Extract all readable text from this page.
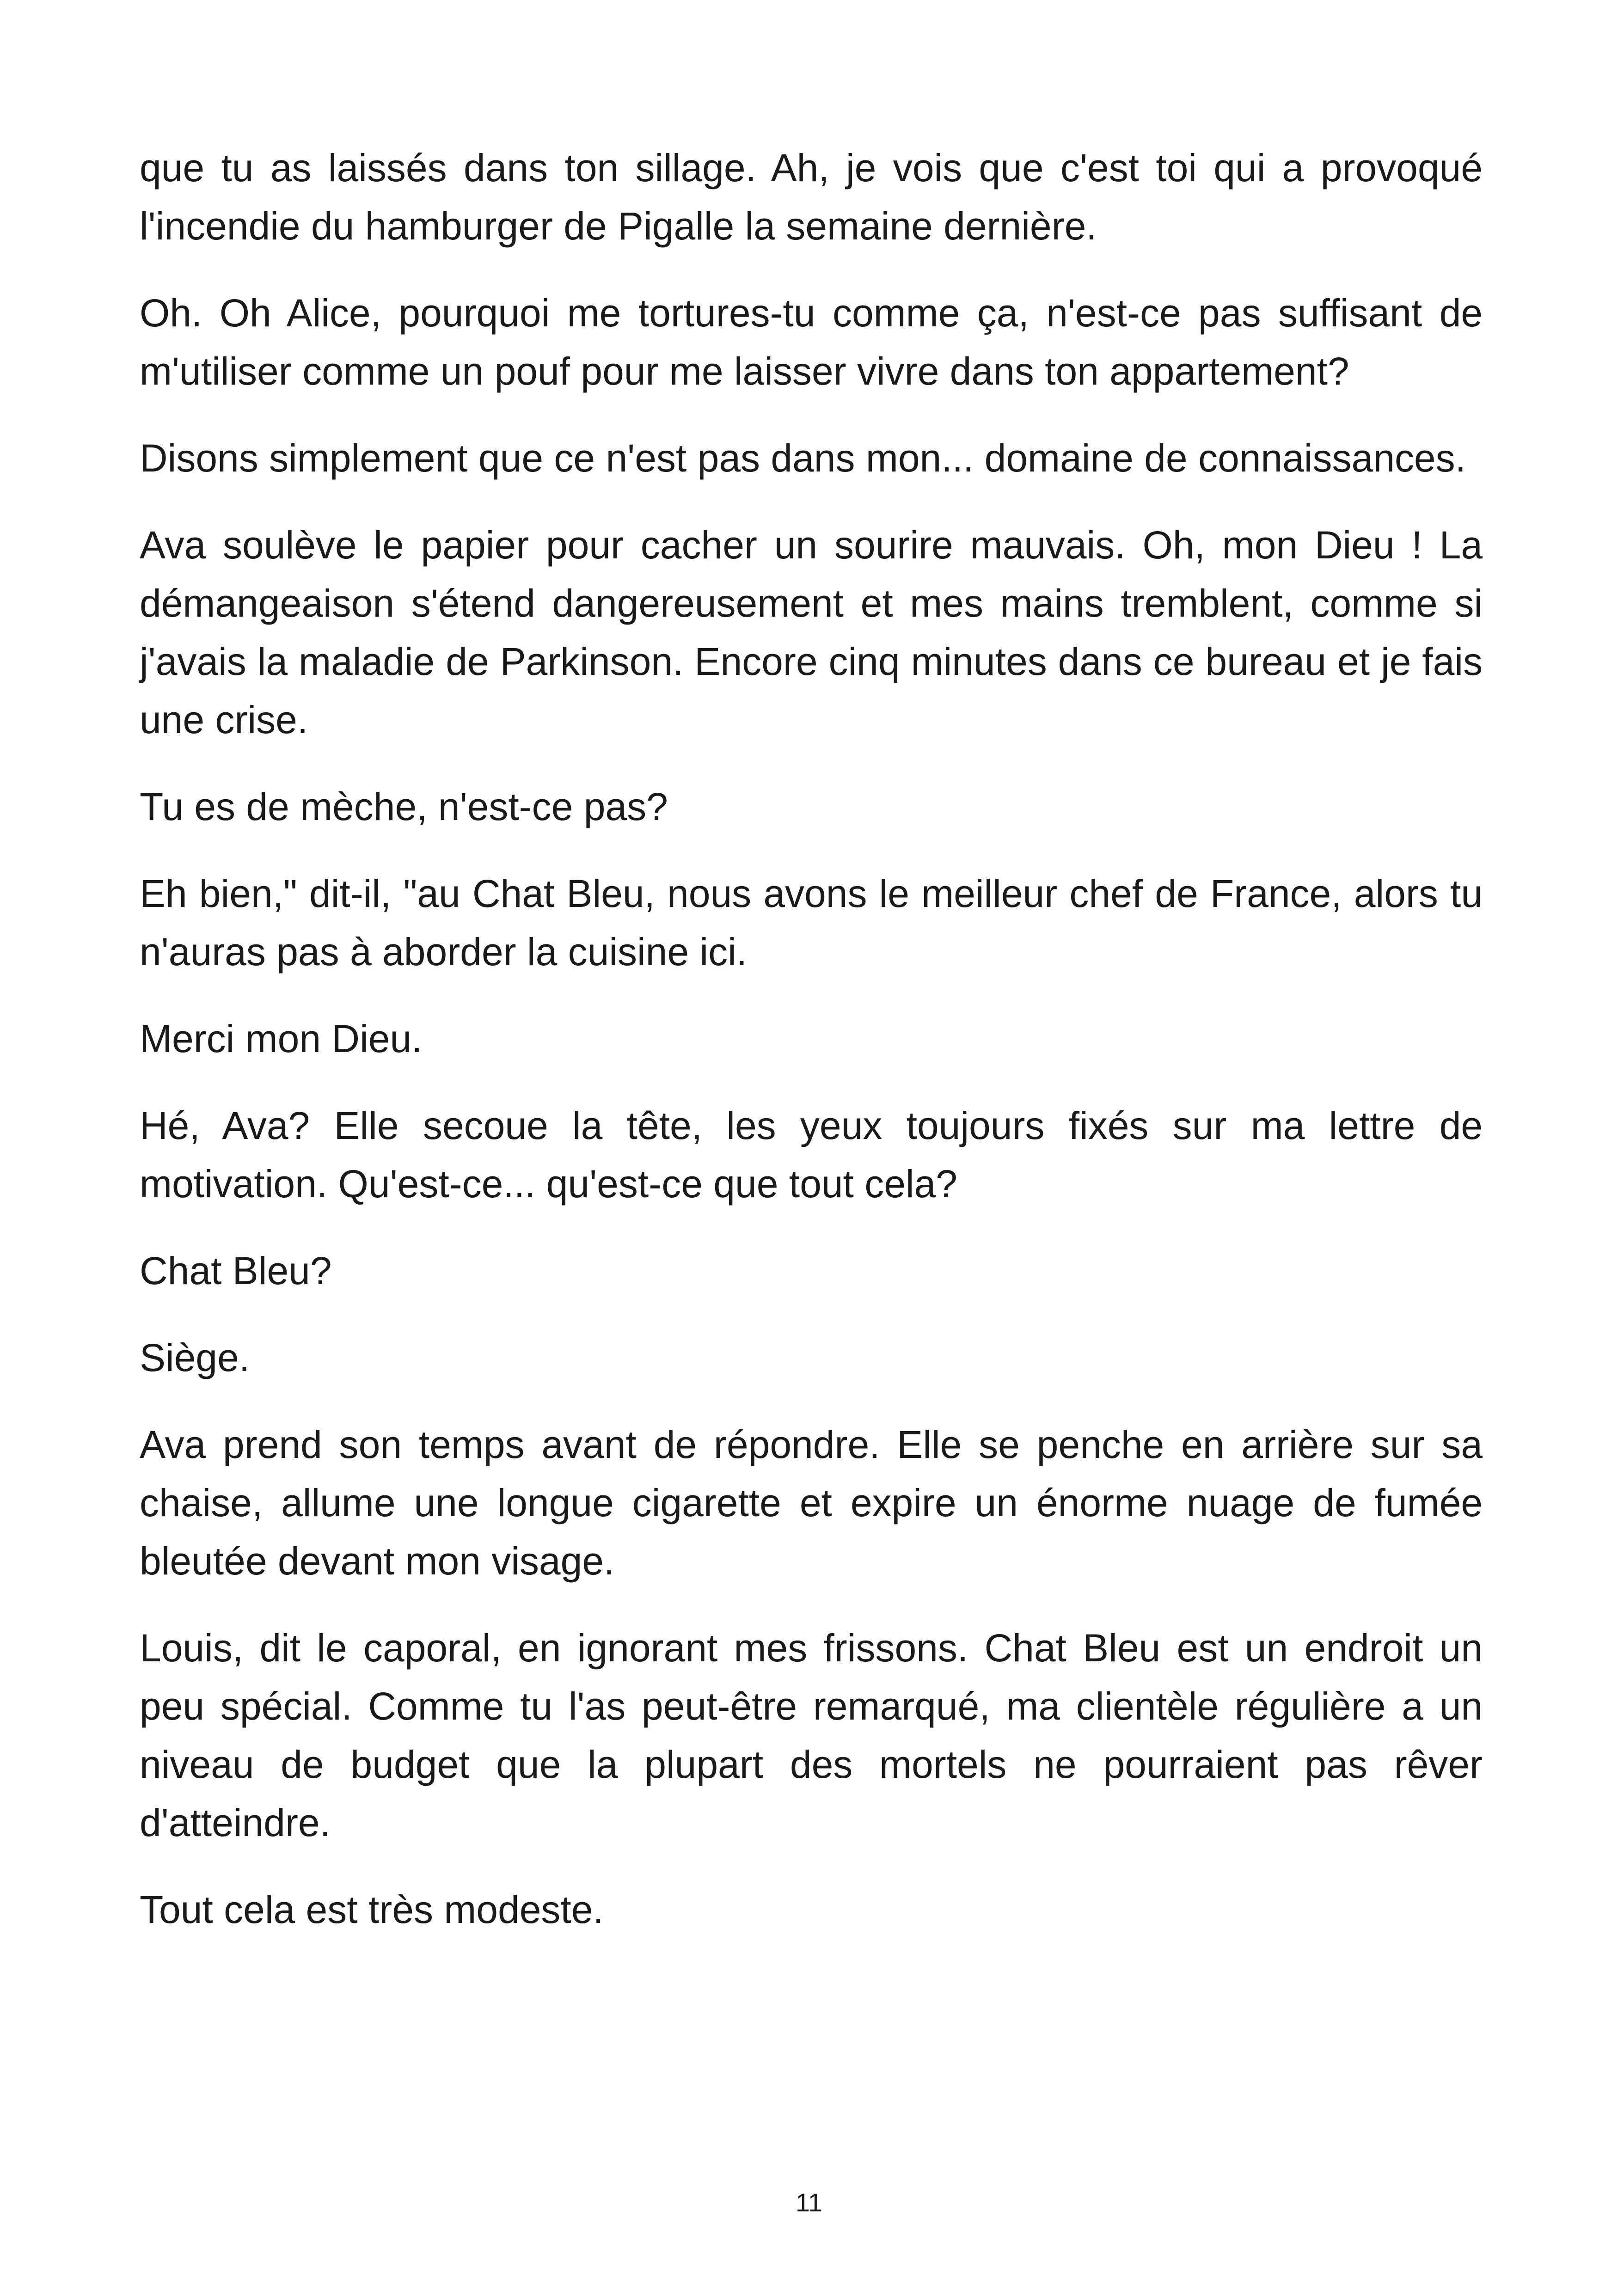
que tu as laissés dans ton sillage. Ah, je vois que c'est toi qui a provoqué l'incendie du hamburger de Pigalle la semaine dernière.

Oh. Oh Alice, pourquoi me tortures-tu comme ça, n'est-ce pas suffisant de m'utiliser comme un pouf pour me laisser vivre dans ton appartement?

Disons simplement que ce n'est pas dans mon... domaine de connaissances.

Ava soulève le papier pour cacher un sourire mauvais. Oh, mon Dieu ! La démangeaison s'étend dangereusement et mes mains tremblent, comme si j'avais la maladie de Parkinson. Encore cinq minutes dans ce bureau et je fais une crise.

Tu es de mèche, n'est-ce pas?

Eh bien," dit-il, "au Chat Bleu, nous avons le meilleur chef de France, alors tu n'auras pas à aborder la cuisine ici.

Merci mon Dieu.

Hé, Ava? Elle secoue la tête, les yeux toujours fixés sur ma lettre de motivation. Qu'est-ce... qu'est-ce que tout cela?

Chat Bleu?

Siège.

Ava prend son temps avant de répondre. Elle se penche en arrière sur sa chaise, allume une longue cigarette et expire un énorme nuage de fumée bleutée devant mon visage.

Louis, dit le caporal, en ignorant mes frissons. Chat Bleu est un endroit un peu spécial. Comme tu l'as peut-être remarqué, ma clientèle régulière a un niveau de budget que la plupart des mortels ne pourraient pas rêver d'atteindre.

Tout cela est très modeste.

11
